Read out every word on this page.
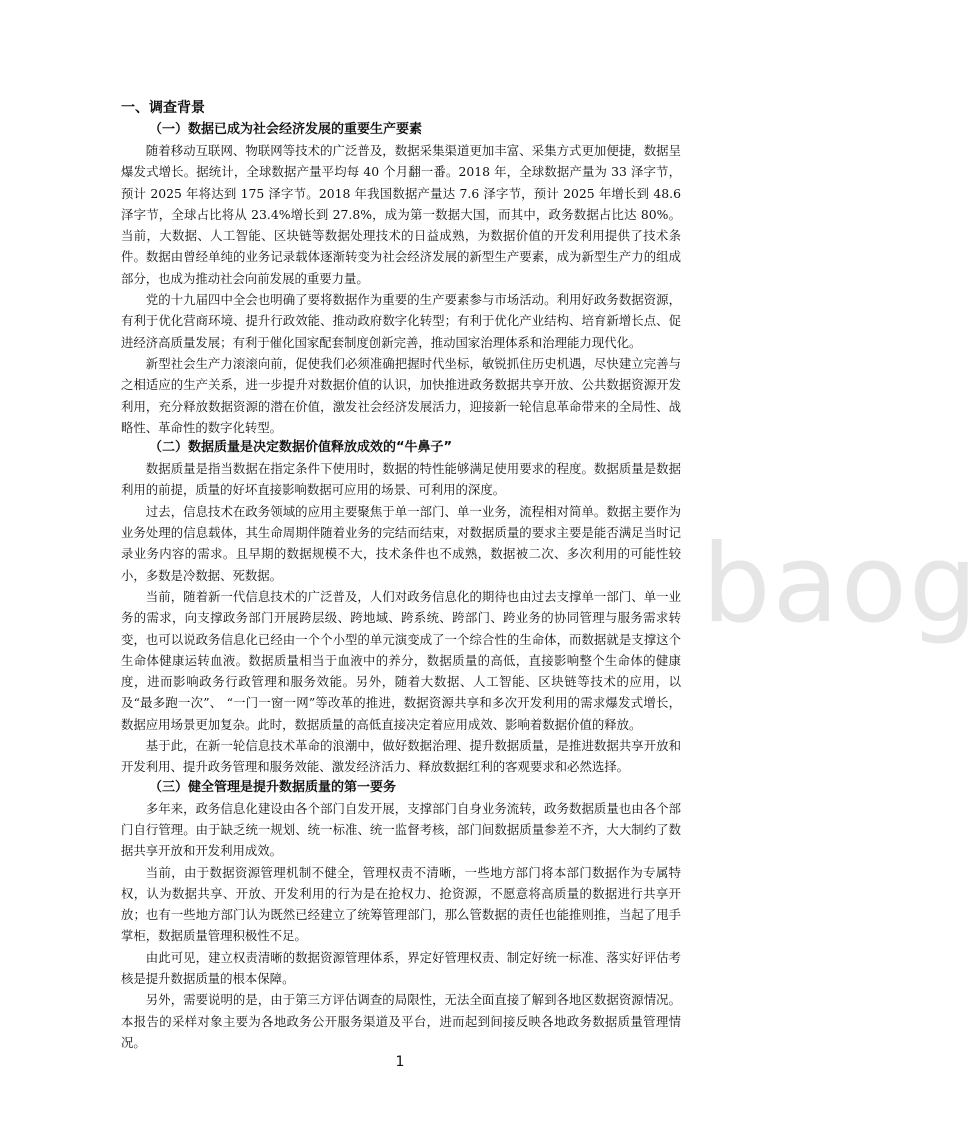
一、调查背景
（一）数据已成为社会经济发展的重要生产要素

随着移动互联网、物联网等技术的广泛普及，数据采集渠道更加丰富、采集方式更加便捷，数据呈爆发式增长。据统计，全球数据产量平均每 40 个月翻一番。2018 年，全球数据产量为 33 泽字节，预计 2025 年将达到 175 泽字节。2018 年我国数据产量达 7.6 泽字节，预计 2025 年增长到 48.6 泽字节，全球占比将从 23.4%增长到 27.8%，成为第一数据大国，而其中，政务数据占比达 80%。当前，大数据、人工智能、区块链等数据处理技术的日益成熟，为数据价值的开发利用提供了技术条件。数据由曾经单纯的业务记录载体逐渐转变为社会经济发展的新型生产要素，成为新型生产力的组成部分，也成为推动社会向前发展的重要力量。

党的十九届四中全会也明确了要将数据作为重要的生产要素参与市场活动。利用好政务数据资源，有利于优化营商环境、提升行政效能、推动政府数字化转型；有利于优化产业结构、培育新增长点、促进经济高质量发展；有利于催化国家配套制度创新完善，推动国家治理体系和治理能力现代化。

新型社会生产力滚滚向前，促使我们必须准确把握时代坐标，敏锐抓住历史机遇，尽快建立完善与之相适应的生产关系，进一步提升对数据价值的认识，加快推进政务数据共享开放、公共数据资源开发利用，充分释放数据资源的潜在价值，激发社会经济发展活力，迎接新一轮信息革命带来的全局性、战略性、革命性的数字化转型。

（二）数据质量是决定数据价值释放成效的“牛鼻子”

数据质量是指当数据在指定条件下使用时，数据的特性能够满足使用要求的程度。数据质量是数据利用的前提，质量的好坏直接影响数据可应用的场景、可利用的深度。

过去，信息技术在政务领域的应用主要聚焦于单一部门、单一业务，流程相对简单。数据主要作为业务处理的信息载体，其生命周期伴随着业务的完结而结束，对数据质量的要求主要是能否满足当时记录业务内容的需求。且早期的数据规模不大，技术条件也不成熟，数据被二次、多次利用的可能性较小，多数是冷数据、死数据。

当前，随着新一代信息技术的广泛普及，人们对政务信息化的期待也由过去支撑单一部门、单一业务的需求，向支撑政务部门开展跨层级、跨地域、跨系统、跨部门、跨业务的协同管理与服务需求转变，也可以说政务信息化已经由一个个小型的单元演变成了一个综合性的生命体，而数据就是支撑这个生命体健康运转血液。数据质量相当于血液中的养分，数据质量的高低，直接影响整个生命体的健康度，进而影响政务行政管理和服务效能。另外，随着大数据、人工智能、区块链等技术的应用，以及“最多跑一次”、 “一门一窗一网”等改革的推进，数据资源共享和多次开发利用的需求爆发式增长，数据应用场景更加复杂。此时，数据质量的高低直接决定着应用成效、影响着数据价值的释放。

基于此，在新一轮信息技术革命的浪潮中，做好数据治理、提升数据质量，是推进数据共享开放和开发利用、提升政务管理和服务效能、激发经济活力、释放数据红利的客观要求和必然选择。

（三）健全管理是提升数据质量的第一要务

多年来，政务信息化建设由各个部门自发开展，支撑部门自身业务流转，政务数据质量也由各个部门自行管理。由于缺乏统一规划、统一标准、统一监督考核，部门间数据质量参差不齐，大大制约了数据共享开放和开发利用成效。

当前，由于数据资源管理机制不健全，管理权责不清晰，一些地方部门将本部门数据作为专属特权，认为数据共享、开放、开发利用的行为是在抢权力、抢资源，不愿意将高质量的数据进行共享开放；也有一些地方部门认为既然已经建立了统筹管理部门，那么管数据的责任也能推则推，当起了甩手掌柜，数据质量管理积极性不足。

由此可见，建立权责清晰的数据资源管理体系，界定好管理权责、制定好统一标准、落实好评估考核是提升数据质量的根本保障。

另外，需要说明的是，由于第三方评估调查的局限性，无法全面直接了解到各地区数据资源情况。本报告的采样对象主要为各地政务公开服务渠道及平台，进而起到间接反映各地政务数据质量管理情况。

baog
1
